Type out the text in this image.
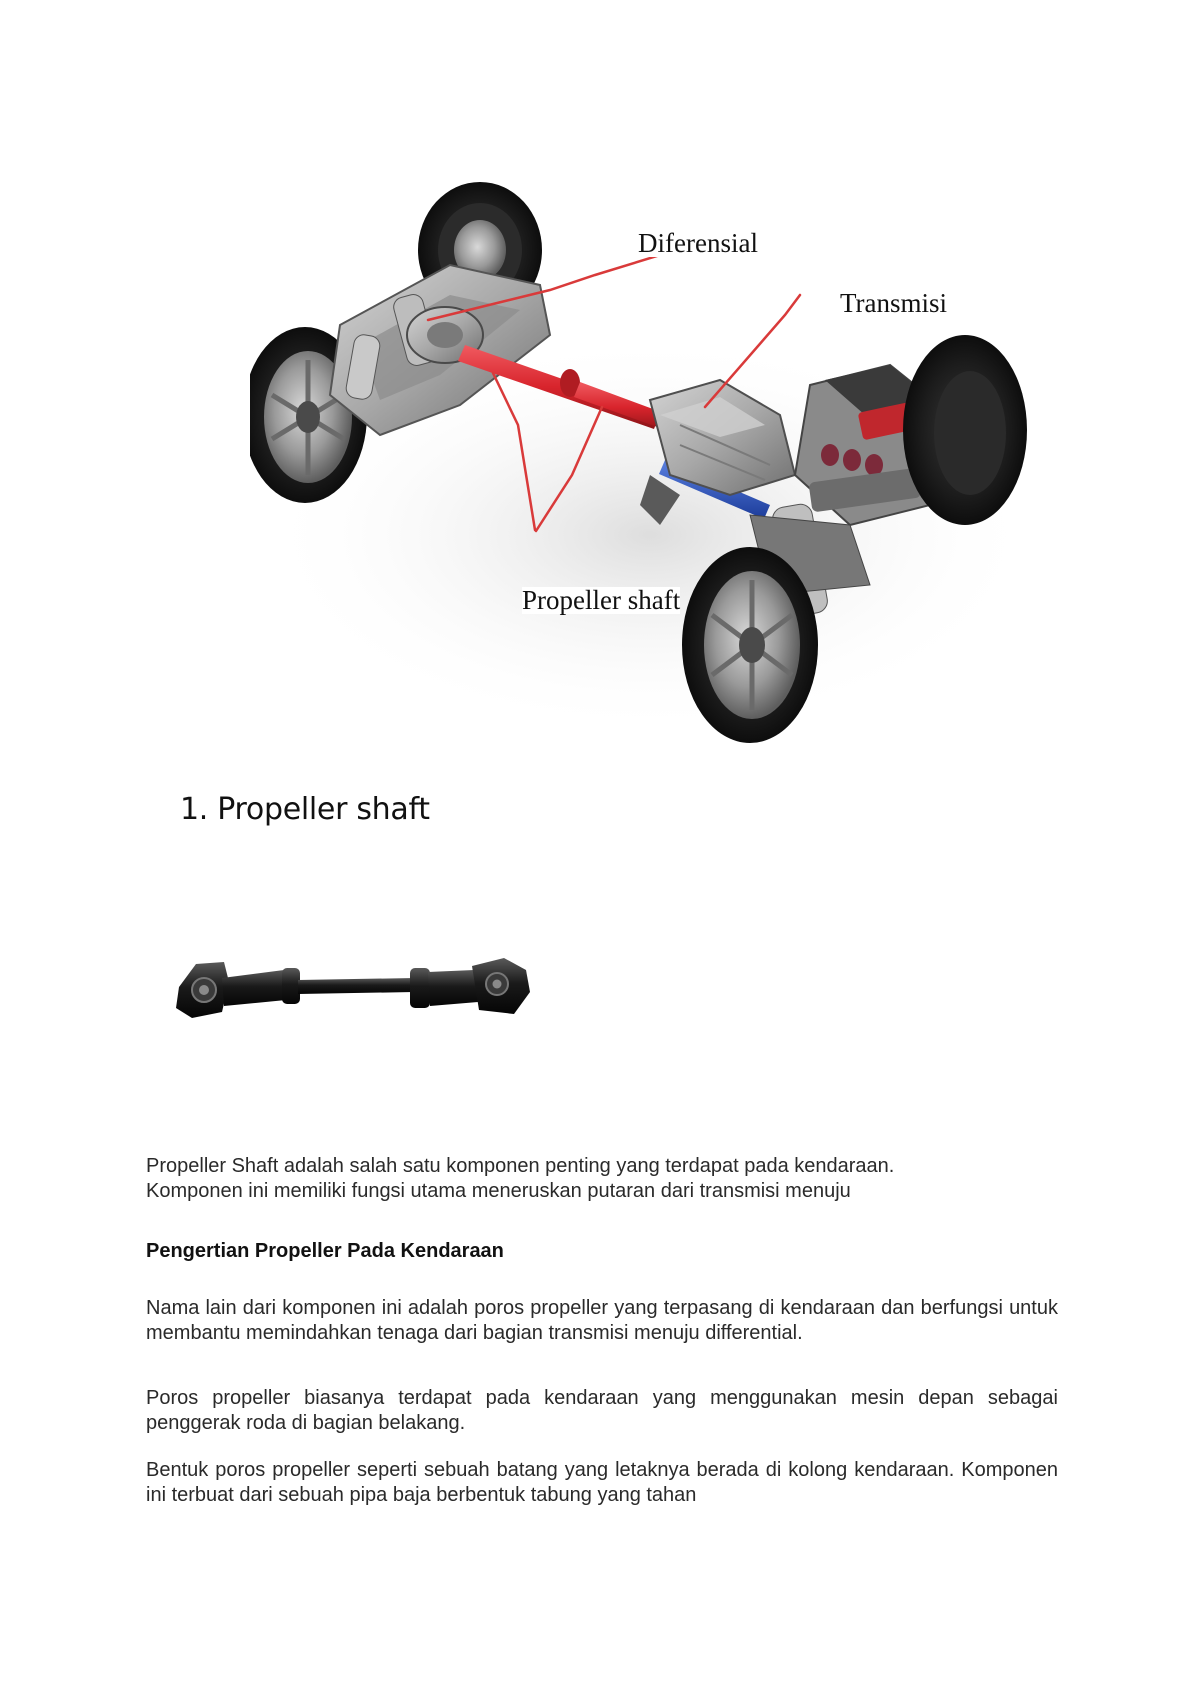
Diferensial
Transmisi
Propeller shaft
1. Propeller shaft

Propeller Shaft adalah salah satu komponen penting yang terdapat pada kendaraan.

Komponen ini memiliki fungsi utama meneruskan putaran dari transmisi menuju

Pengertian Propeller Pada Kendaraan

Nama lain dari komponen ini adalah poros propeller yang terpasang di kendaraan dan berfungsi untuk membantu memindahkan tenaga dari bagian transmisi menuju differential.

Poros propeller biasanya terdapat pada kendaraan yang menggunakan mesin depan sebagai penggerak roda di bagian belakang.

Bentuk poros propeller seperti sebuah batang yang letaknya berada di kolong kendaraan. Komponen ini terbuat dari sebuah pipa baja berbentuk tabung yang tahan
